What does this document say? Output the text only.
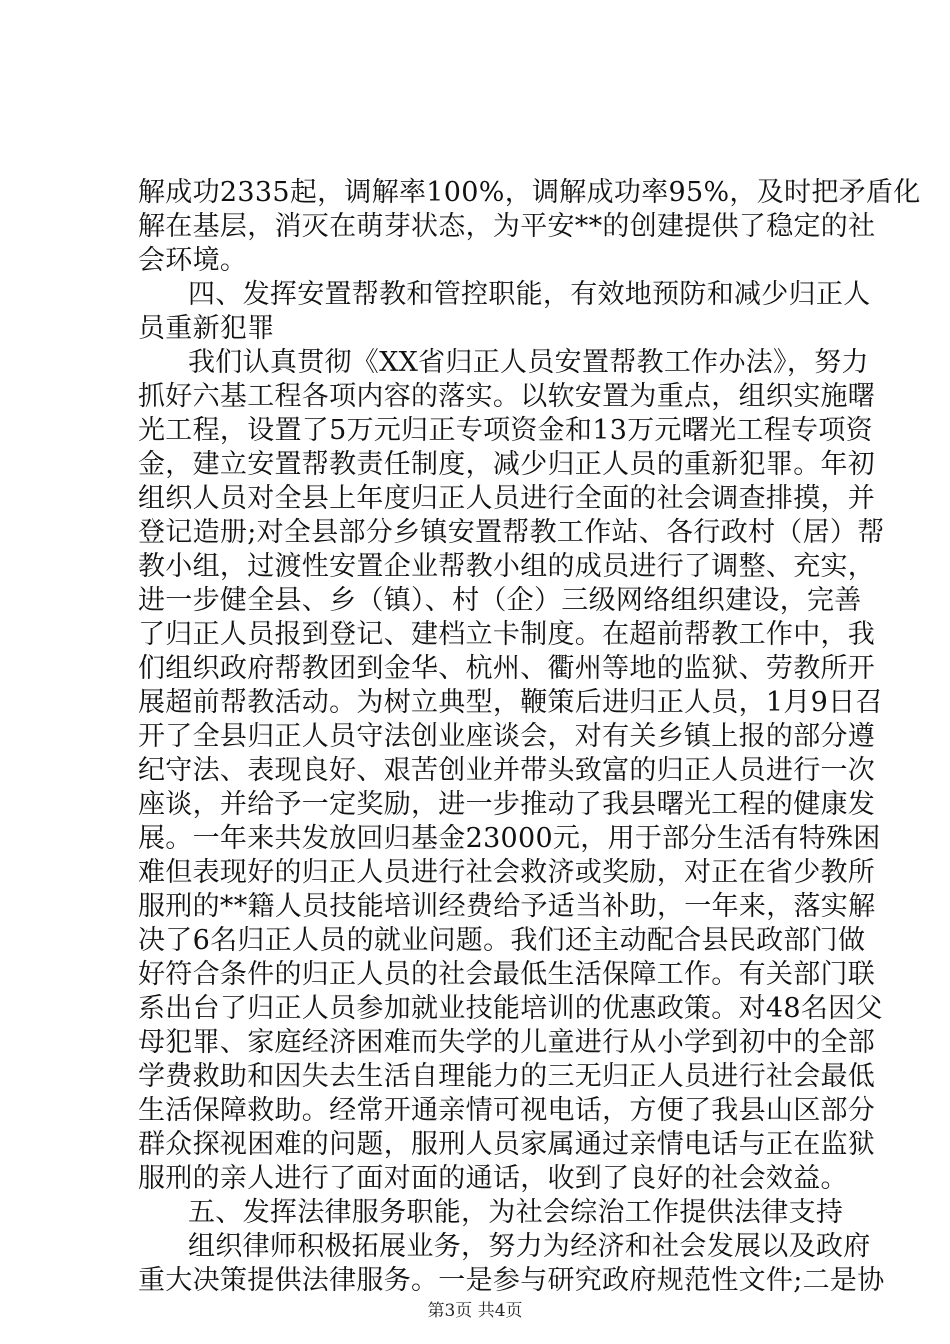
解成功2335起，调解率100%，调解成功率95%，及时把矛盾化
解在基层，消灭在萌芽状态，为平安**的创建提供了稳定的社
会环境。
四、发挥安置帮教和管控职能，有效地预防和减少归正人
员重新犯罪
我们认真贯彻《XX省归正人员安置帮教工作办法》，努力
抓好六基工程各项内容的落实。以软安置为重点，组织实施曙
光工程，设置了5万元归正专项资金和13万元曙光工程专项资
金，建立安置帮教责任制度，减少归正人员的重新犯罪。年初
组织人员对全县上年度归正人员进行全面的社会调查排摸，并
登记造册;对全县部分乡镇安置帮教工作站、各行政村（居）帮
教小组，过渡性安置企业帮教小组的成员进行了调整、充实，
进一步健全县、乡（镇）、村（企）三级网络组织建设，完善
了归正人员报到登记、建档立卡制度。在超前帮教工作中，我
们组织政府帮教团到金华、杭州、衢州等地的监狱、劳教所开
展超前帮教活动。为树立典型，鞭策后进归正人员，1月9日召
开了全县归正人员守法创业座谈会，对有关乡镇上报的部分遵
纪守法、表现良好、艰苦创业并带头致富的归正人员进行一次
座谈，并给予一定奖励，进一步推动了我县曙光工程的健康发
展。一年来共发放回归基金23000元，用于部分生活有特殊困
难但表现好的归正人员进行社会救济或奖励，对正在省少教所
服刑的**籍人员技能培训经费给予适当补助，一年来，落实解
决了6名归正人员的就业问题。我们还主动配合县民政部门做
好符合条件的归正人员的社会最低生活保障工作。有关部门联
系出台了归正人员参加就业技能培训的优惠政策。对48名因父
母犯罪、家庭经济困难而失学的儿童进行从小学到初中的全部
学费救助和因失去生活自理能力的三无归正人员进行社会最低
生活保障救助。经常开通亲情可视电话，方便了我县山区部分
群众探视困难的问题，服刑人员家属通过亲情电话与正在监狱
服刑的亲人进行了面对面的通话，收到了良好的社会效益。
五、发挥法律服务职能，为社会综治工作提供法律支持
组织律师积极拓展业务，努力为经济和社会发展以及政府
重大决策提供法律服务。一是参与研究政府规范性文件;二是协
第3页 共4页
